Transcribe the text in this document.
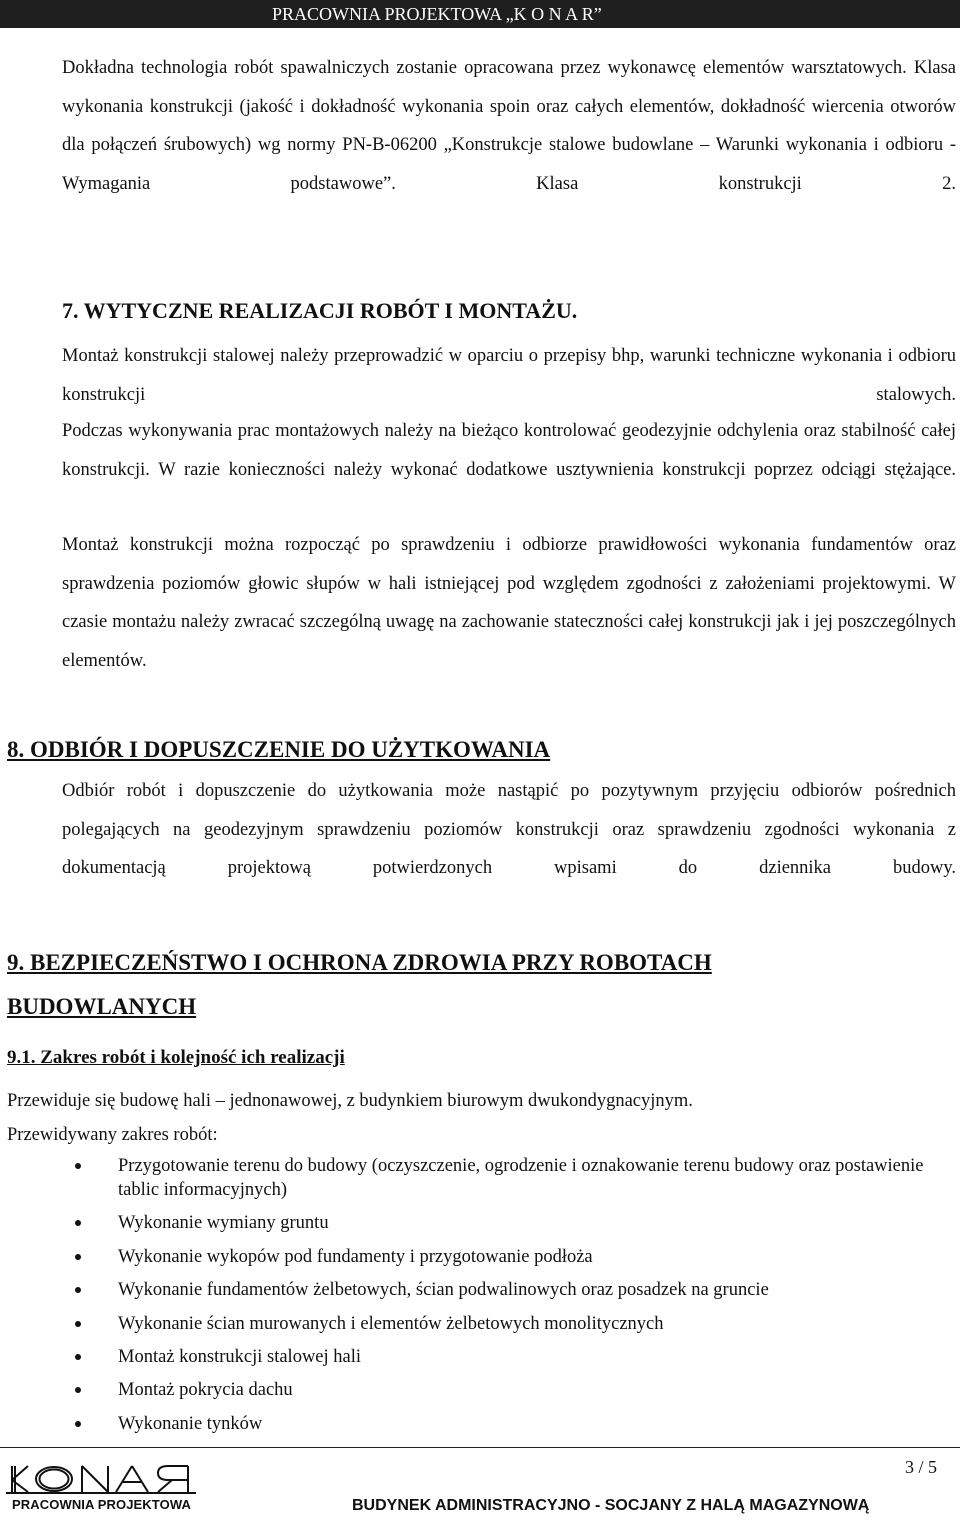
PRACOWNIA PROJEKTOWA „K O N A R”

Dokładna technologia robót spawalniczych zostanie opracowana przez wykonawcę elementów warsztatowych. Klasa wykonania konstrukcji (jakość i dokładność wykonania spoin oraz całych elementów, dokładność wiercenia otworów dla połączeń śrubowych) wg normy PN-B-06200 „Konstrukcje stalowe budowlane – Warunki wykonania i odbioru - Wymagania podstawowe”. Klasa konstrukcji 2.

7. WYTYCZNE REALIZACJI ROBÓT I MONTAŻU.

Montaż konstrukcji stalowej należy przeprowadzić w oparciu o przepisy bhp, warunki techniczne wykonania i odbioru konstrukcji stalowych.

Podczas wykonywania prac montażowych należy na bieżąco kontrolować geodezyjnie odchylenia oraz stabilność całej konstrukcji. W razie konieczności należy wykonać dodatkowe usztywnienia konstrukcji poprzez odciągi stężające.

Montaż konstrukcji można rozpocząć po sprawdzeniu i odbiorze prawidłowości wykonania fundamentów oraz sprawdzenia poziomów głowic słupów w hali istniejącej pod względem zgodności z założeniami projektowymi. W czasie montażu należy zwracać szczególną uwagę na zachowanie stateczności całej konstrukcji jak i jej poszczególnych elementów.

8. ODBIÓR I DOPUSZCZENIE DO UŻYTKOWANIA

Odbiór robót i dopuszczenie do użytkowania może nastąpić po pozytywnym przyjęciu odbiorów pośrednich polegających na geodezyjnym sprawdzeniu poziomów konstrukcji oraz sprawdzeniu zgodności wykonania z dokumentacją projektową potwierdzonych wpisami do dziennika budowy.

9. BEZPIECZEŃSTWO I OCHRONA ZDROWIA PRZY ROBOTACH BUDOWLANYCH
9.1. Zakres robót i kolejność ich realizacji

Przewiduje się budowę hali – jednonawowej, z budynkiem biurowym dwukondygnacyjnym.

Przewidywany zakres robót:

Przygotowanie terenu do budowy (oczyszczenie, ogrodzenie i oznakowanie terenu budowy oraz postawienie tablic informacyjnych)
Wykonanie wymiany gruntu
Wykonanie wykopów pod fundamenty i przygotowanie podłoża
Wykonanie fundamentów żelbetowych, ścian podwalinowych oraz posadzek na gruncie
Wykonanie ścian murowanych i elementów żelbetowych monolitycznych
Montaż konstrukcji stalowej hali
Montaż pokrycia dachu
Wykonanie tynków
3 / 5
KONAR
PRACOWNIA PROJEKTOWA	BUDYNEK ADMINISTRACYJNO - SOCJANY Z HALĄ MAGAZYNOWĄ
